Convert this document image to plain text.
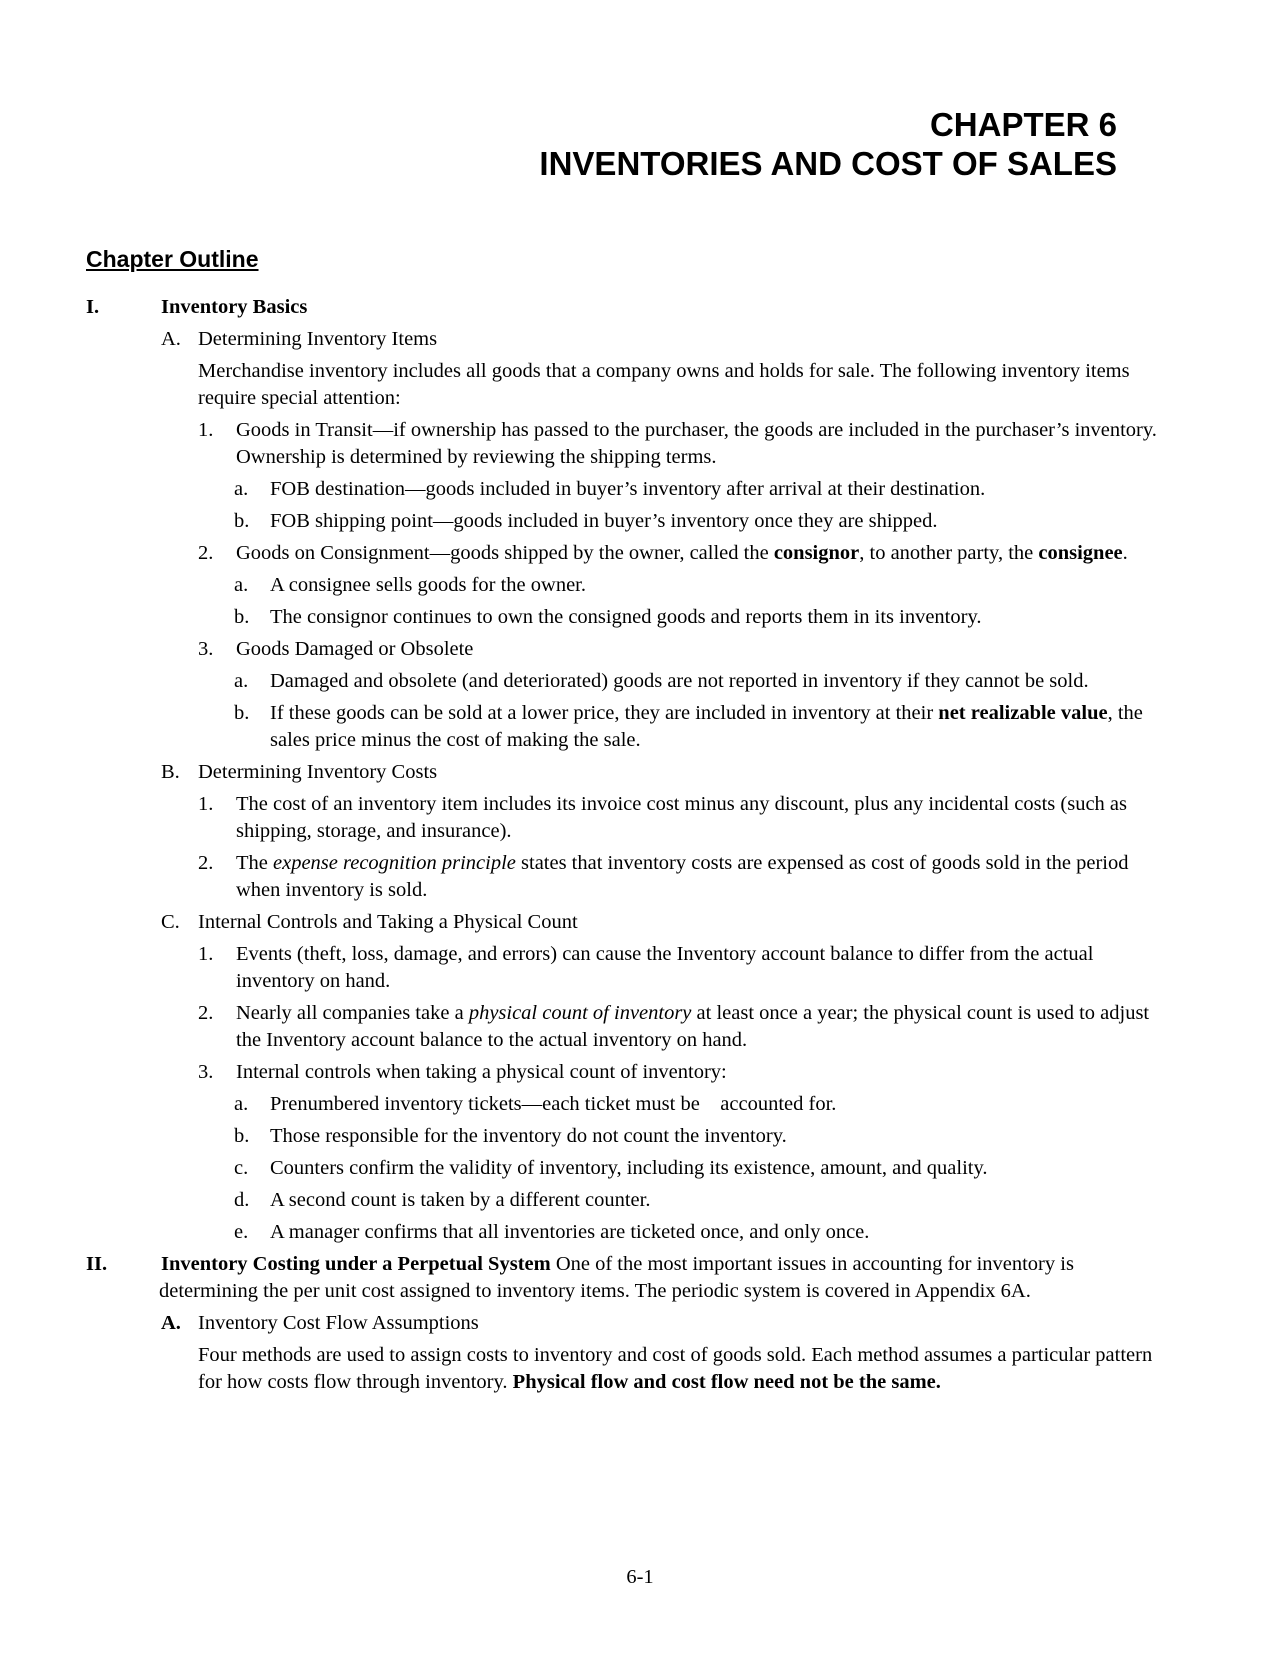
CHAPTER 6
INVENTORIES AND COST OF SALES
Chapter Outline
I.	Inventory Basics
A. Determining Inventory Items
Merchandise inventory includes all goods that a company owns and holds for sale. The following inventory items require special attention:
1.	Goods in Transit—if ownership has passed to the purchaser, the goods are included in the purchaser’s inventory. Ownership is determined by reviewing the shipping terms.
a.	FOB destination—goods included in buyer’s inventory after arrival at their destination.
b.	FOB shipping point—goods included in buyer’s inventory once they are shipped.
2.	Goods on Consignment—goods shipped by the owner, called the consignor, to another party, the consignee.
a.	A consignee sells goods for the owner.
b.	The consignor continues to own the consigned goods and reports them in its inventory.
3.	Goods Damaged or Obsolete
a.	Damaged and obsolete (and deteriorated) goods are not reported in inventory if they cannot be sold.
b.	If these goods can be sold at a lower price, they are included in inventory at their net realizable value, the sales price minus the cost of making the sale.
B. Determining Inventory Costs
1.	The cost of an inventory item includes its invoice cost minus any discount, plus any incidental costs (such as shipping, storage, and insurance).
2.	The expense recognition principle states that inventory costs are expensed as cost of goods sold in the period when inventory is sold.
C. Internal Controls and Taking a Physical Count
1.	Events (theft, loss, damage, and errors) can cause the Inventory account balance to differ from the actual inventory on hand.
2.	Nearly all companies take a physical count of inventory at least once a year; the physical count is used to adjust the Inventory account balance to the actual inventory on hand.
3.	Internal controls when taking a physical count of inventory:
a.	Prenumbered inventory tickets—each ticket must be    accounted for.
b.	Those responsible for the inventory do not count the inventory.
c.	Counters confirm the validity of inventory, including its existence, amount, and quality.
d.	A second count is taken by a different counter.
e.	A manager confirms that all inventories are ticketed once, and only once.
II.	Inventory Costing under a Perpetual System One of the most important issues in accounting for inventory is determining the per unit cost assigned to inventory items. The periodic system is covered in Appendix 6A.
A. Inventory Cost Flow Assumptions
Four methods are used to assign costs to inventory and cost of goods sold. Each method assumes a particular pattern for how costs flow through inventory. Physical flow and cost flow need not be the same.
6-1
